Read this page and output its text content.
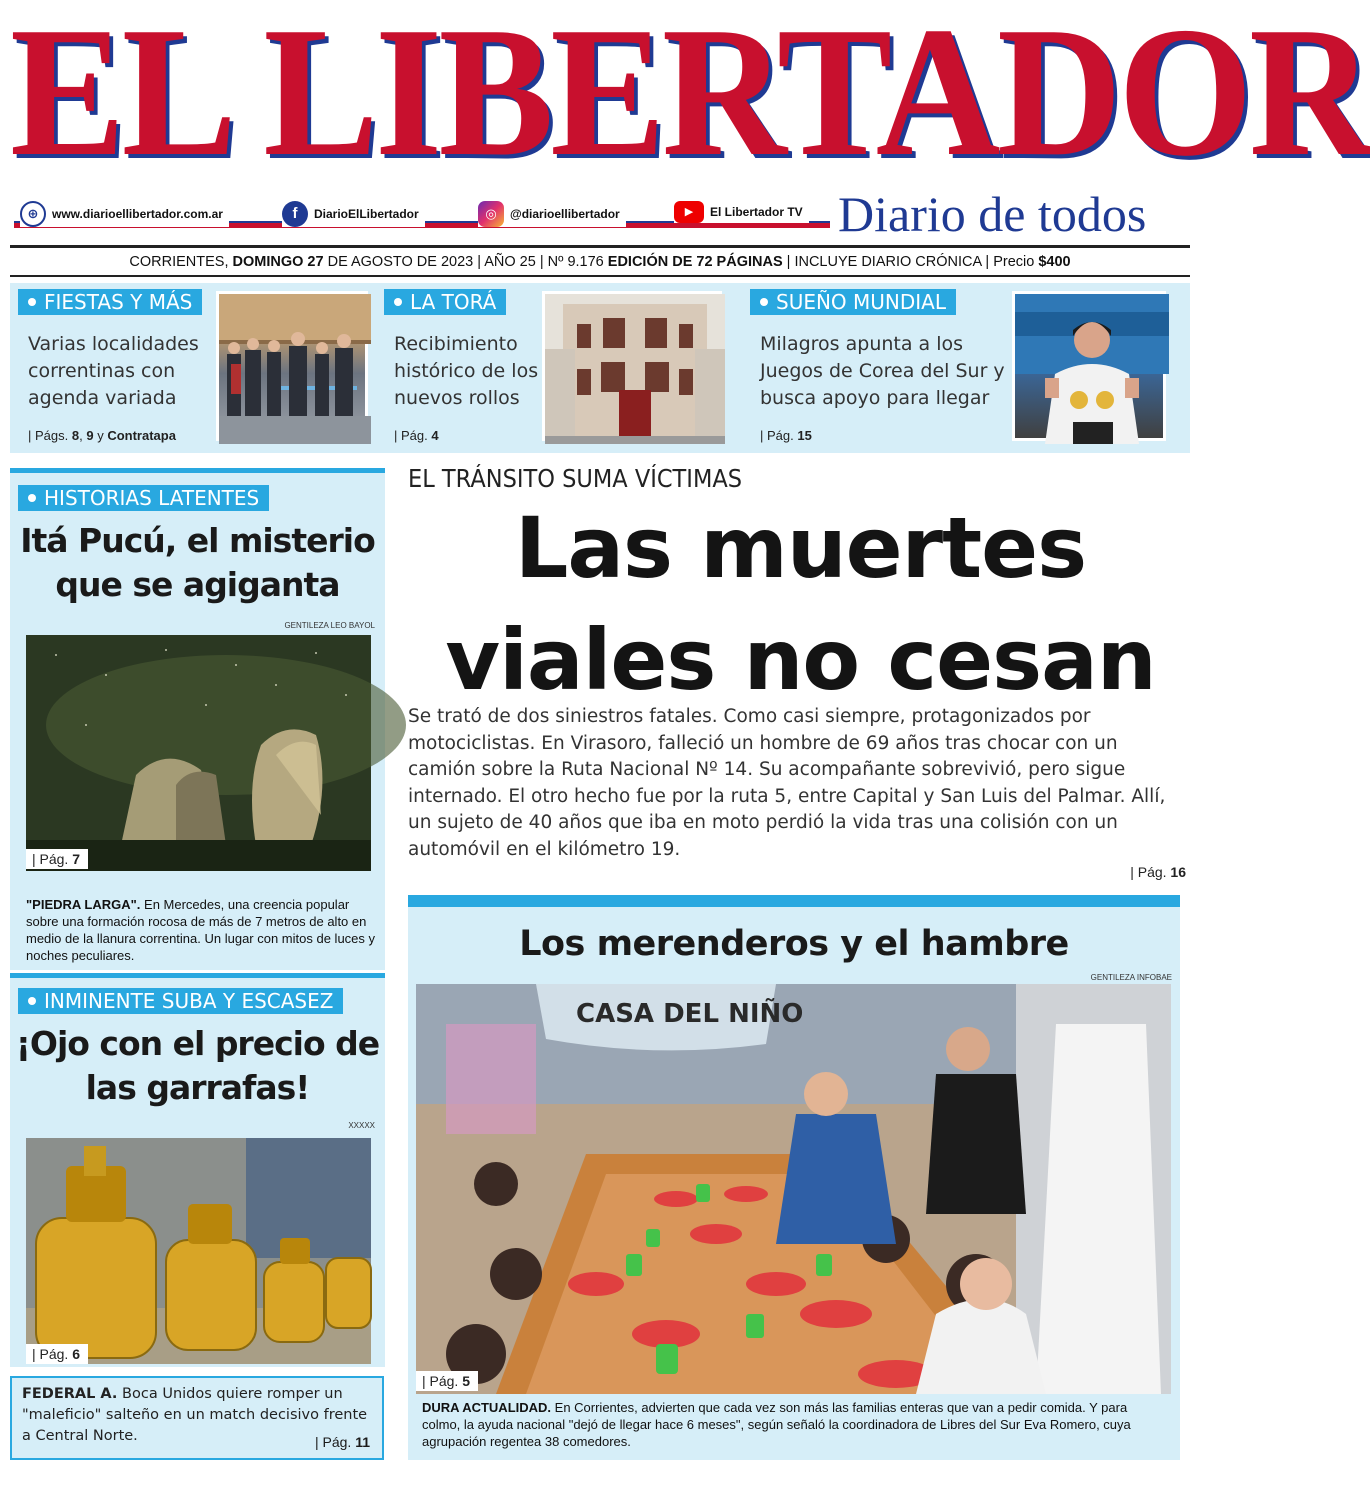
EL LIBERTADOR
⊕	www.diarioellibertador.com.ar	f	DiarioElLibertador	◎	@diarioellibertador	▶	El Libertador TV Diario de todos
CORRIENTES, DOMINGO 27 DE AGOSTO DE 2023 | AÑO 25 | Nº 9.176 EDICIÓN DE 72 PÁGINAS | INCLUYE DIARIO CRÓNICA | Precio $400
FIESTAS Y MÁS
Varias localidades correntinas con agenda variada
| Págs. 8, 9 y Contratapa
LA TORÁ
Recibimiento histórico de los nuevos rollos
| Pág. 4
SUEÑO MUNDIAL
Milagros apunta a los Juegos de Corea del Sur y busca apoyo para llegar
| Pág. 15
HISTORIAS LATENTES
Itá Pucú, el misterio que se agiganta
GENTILEZA LEO BAYOL
| Pág. 7
"PIEDRA LARGA". En Mercedes, una creencia popular sobre una formación rocosa de más de 7 metros de alto en medio de la llanura correntina. Un lugar con mitos de luces y noches peculiares.
INMINENTE SUBA Y ESCASEZ
¡Ojo con el precio de las garrafas!
XXXXX
| Pág. 6
FEDERAL A. Boca Unidos quiere romper un "maleficio" salteño en un match decisivo frente a Central Norte.	| Pág. 11
EL TRÁNSITO SUMA VÍCTIMAS
Las muertes viales no cesan

Se trató de dos siniestros fatales. Como casi siempre, protagonizados por motociclistas. En Virasoro, falleció un hombre de 69 años tras chocar con un camión sobre la Ruta Nacional Nº 14. Su acompañante sobrevivió, pero sigue internado. El otro hecho fue por la ruta 5, entre Capital y San Luis del Palmar. Allí, un sujeto de 40 años que iba en moto perdió la vida tras una colisión con un automóvil en el kilómetro 19.

| Pág. 16
Los merenderos y el hambre
GENTILEZA INFOBAE
CASA DEL NIÑO
| Pág. 5
DURA ACTUALIDAD. En Corrientes, advierten que cada vez son más las familias enteras que van a pedir comida. Y para colmo, la ayuda nacional "dejó de llegar hace 6 meses", según señaló la coordinadora de Libres del Sur Eva Romero, cuya agrupación regentea 38 comedores.
